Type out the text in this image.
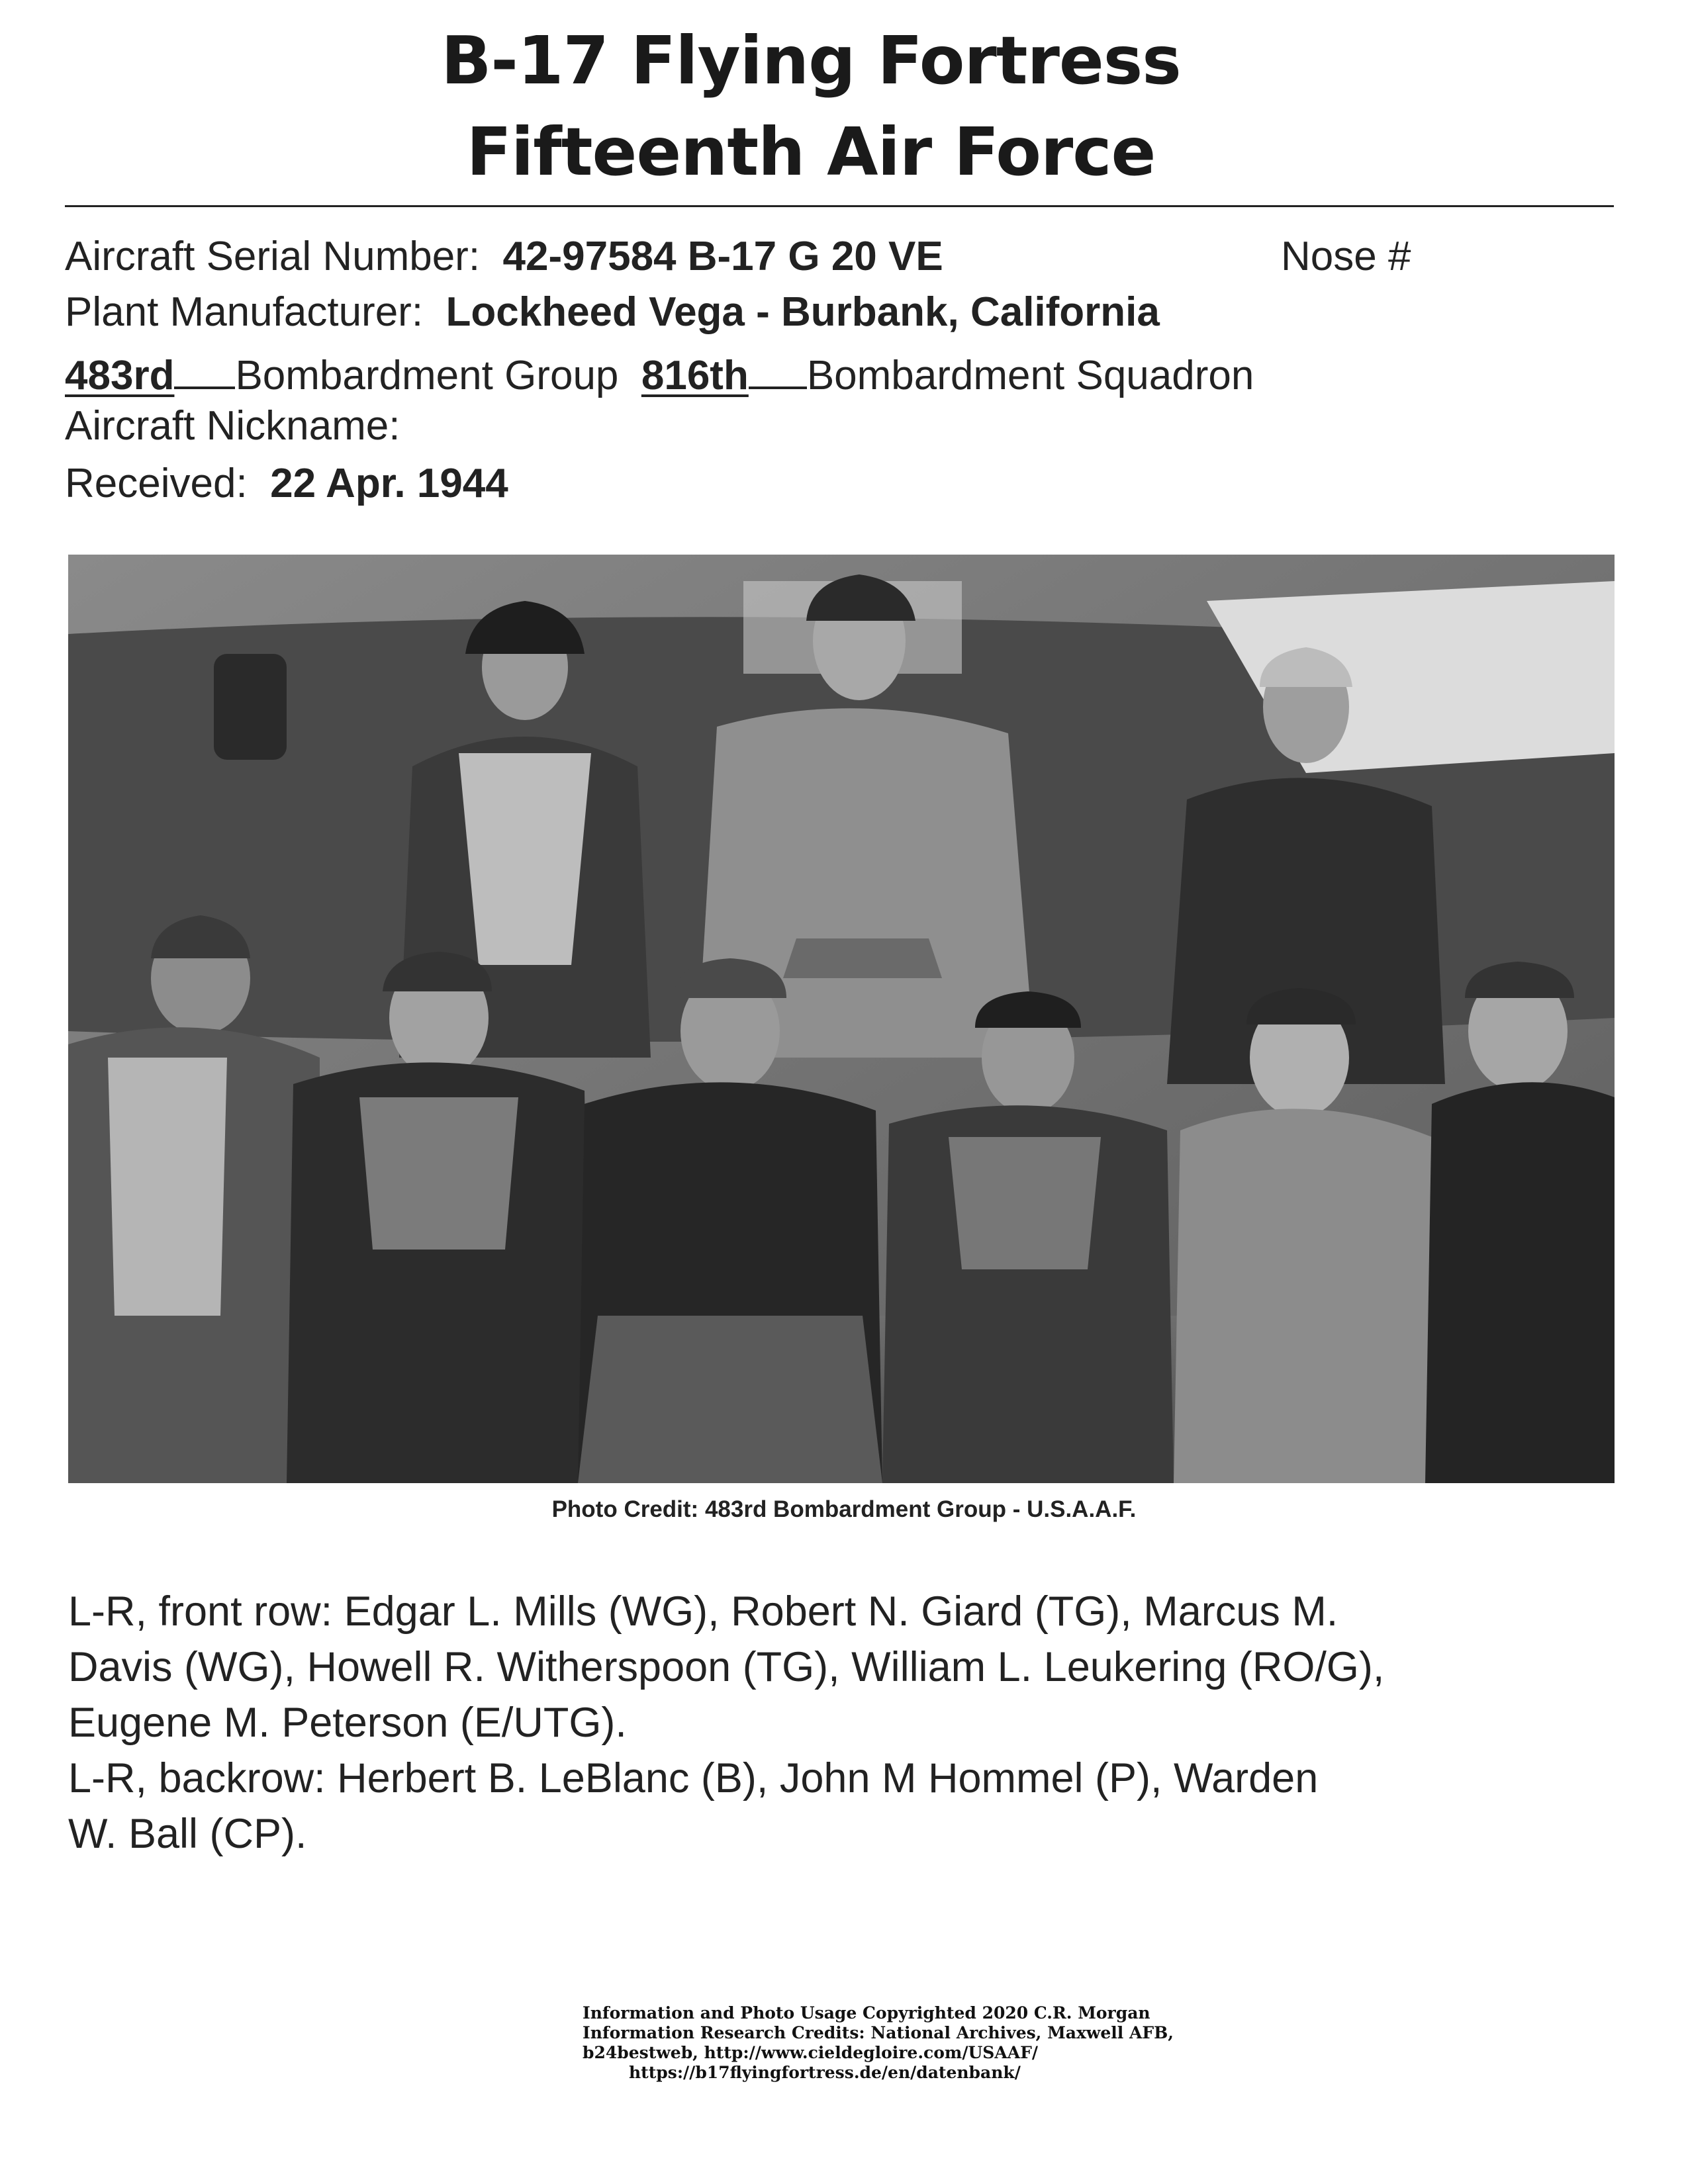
B-17 Flying Fortress
Fifteenth Air Force
Aircraft Serial Number: 42-97584 B-17 G 20 VE	Nose #
Plant Manufacturer: Lockheed Vega - Burbank, California
483rd Bombardment Group 816th Bombardment Squadron
Aircraft Nickname:
Received: 22 Apr. 1944
Photo Credit: 483rd Bombardment Group - U.S.A.A.F.

L-R, front row: Edgar L. Mills (WG), Robert N. Giard (TG), Marcus M.

Davis (WG), Howell R. Witherspoon (TG), William L. Leukering (RO/G),

Eugene M. Peterson (E/UTG).

L-R, backrow: Herbert B. LeBlanc (B), John M Hommel (P), Warden

W. Ball (CP).

Information and Photo Usage Copyrighted 2020 C.R. Morgan

Information Research Credits: National Archives, Maxwell AFB,

b24bestweb, http://www.cieldegloire.com/USAAF/

https://b17flyingfortress.de/en/datenbank/
